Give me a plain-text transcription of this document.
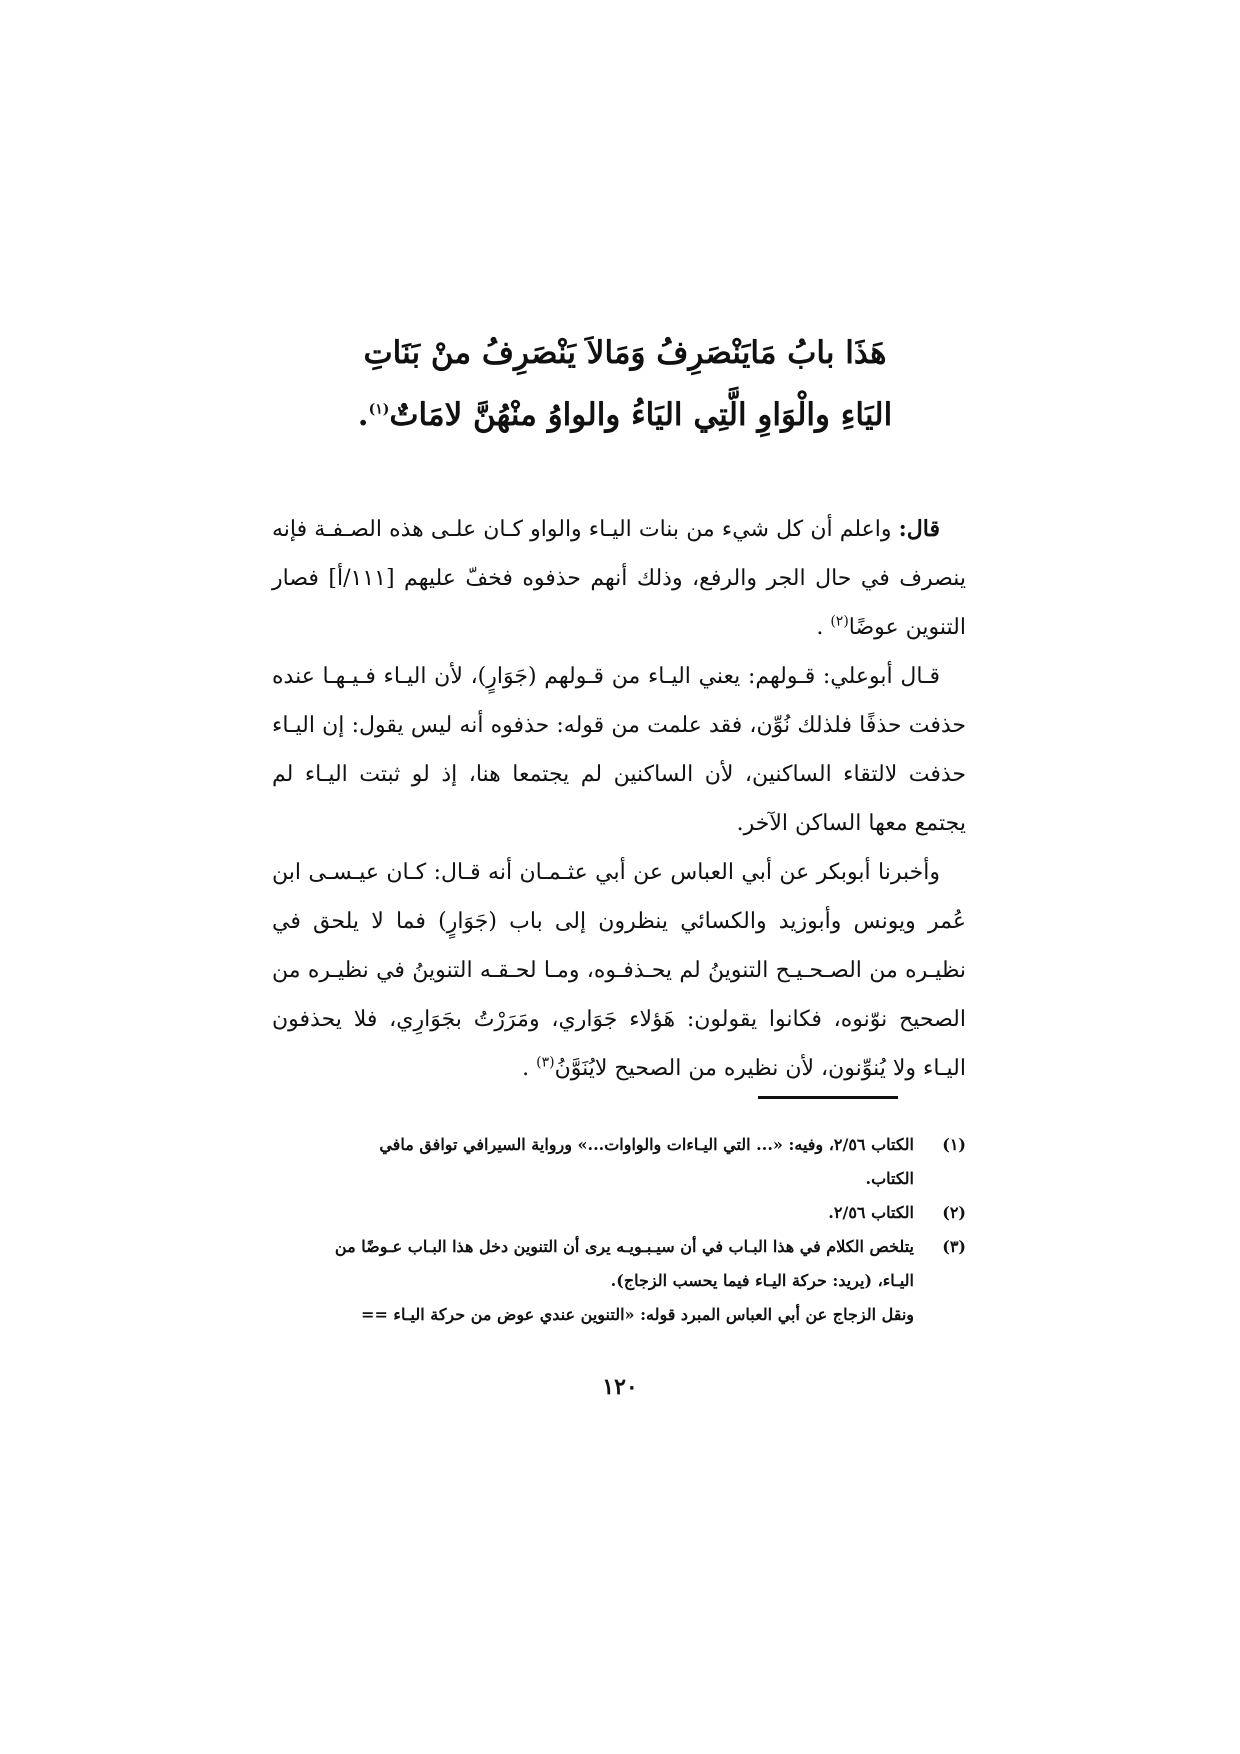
هَذَا بابُ مَايَنْصَرِفُ وَمَالاَ يَنْصَرِفُ منْ بَنَاتِ
اليَاءِ والْوَاوِ الَّتِي اليَاءُ والواوُ منْهُنَّ لامَاتٌ$^{(١)}$.

قال: واعلم أن كل شيء من بنات اليـاء والواو كـان علـى هذه الصـفـة فإنه ينصرف في حال الجر والرفع، وذلك أنهم حذفوه فخفّ عليهم [١١١/أ] فصار التنوين عوضًا$^{(٢)}$ .

قـال أبوعلي: قـولهم: يعني اليـاء من قـولهم (جَوَارٍ)، لأن اليـاء فـيـهـا عنده حذفت حذفًا فلذلك نُوِّن، فقد علمت من قوله: حذفوه أنه ليس يقول: إن اليـاء حذفت لالتقاء الساكنين، لأن الساكنين لم يجتمعا هنا، إذ لو ثبتت اليـاء لم يجتمع معها الساكن الآخر.

وأخبرنا أبوبكر عن أبي العباس عن أبي عثـمـان أنه قـال: كـان عيـسـى ابن عُمر ويونس وأبوزيد والكسائي ينظرون إلى باب (جَوَارٍ) فما لا يلحق في نظيـره من الصـحـيـح التنوينُ لم يحـذفـوه، ومـا لحـقـه التنوينُ في نظيـره من الصحيح نوّنوه، فكانوا يقولون: هَؤلاء جَوَاري، ومَرَرْتُ بجَوَارِي، فلا يحذفون اليـاء ولا يُنوِّنون، لأن نظيره من الصحيح لايُنَوَّنُ$^{(٣)}$ .

(١)
الكتاب ٢/٥٦، وفيه: «... التي اليـاءات والواوات...» ورواية السيرافي توافق مافي
الكتاب.
(٢)
الكتاب ٢/٥٦.
(٣)
يتلخص الكلام في هذا البـاب في أن سيـبـويـه يرى أن التنوين دخل هذا البـاب عـوضًا من
اليـاء، (يريد: حركة اليـاء فيما يحسب الزجاج).
ونقل الزجاج عن أبي العباس المبرد قوله: «التنوين عندي عوض من حركة اليـاء ==
١٢٠
